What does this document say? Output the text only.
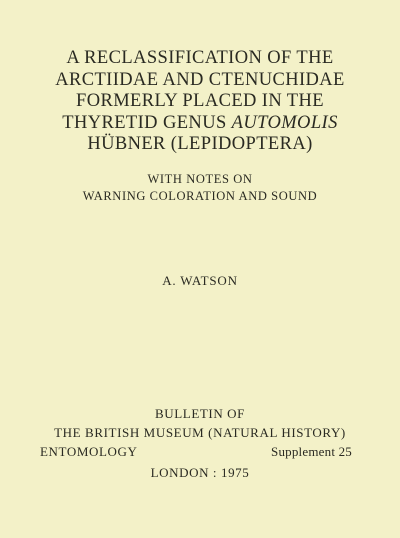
A RECLASSIFICATION OF THE
ARCTIIDAE AND CTENUCHIDAE
FORMERLY PLACED IN THE
THYRETID GENUS AUTOMOLIS
HÜBNER (LEPIDOPTERA)
WITH NOTES ON
WARNING COLORATION AND SOUND
A. WATSON
BULLETIN OF
THE BRITISH MUSEUM (NATURAL HISTORY)
ENTOMOLOGY	Supplement 25
LONDON : 1975
